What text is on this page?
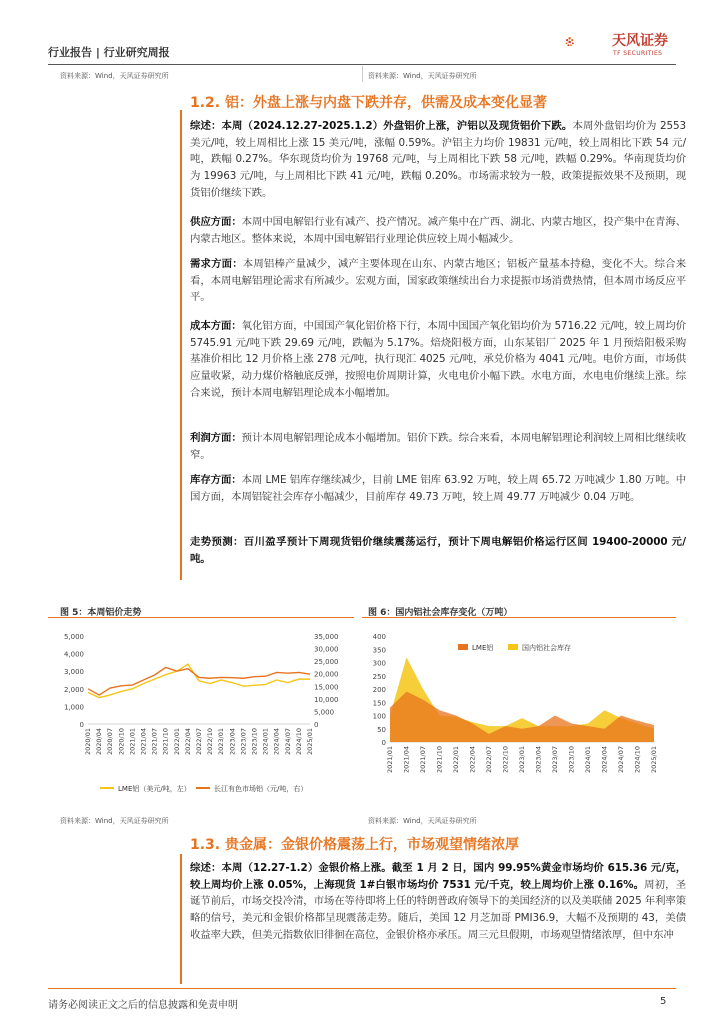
行业报告 | 行业研究周报
天风证券
TF SECURITIES
资料来源：Wind，天风证券研究所	资料来源：Wind，天风证券研究所
1.2. 铝：外盘上涨与内盘下跌并存，供需及成本变化显著
综述：本周（2024.12.27-2025.1.2）外盘铝价上涨，沪铝以及现货铝价下跌。本周外盘铝均价为 2553 美元/吨，较上周相比上涨 15 美元/吨，涨幅 0.59%。沪铝主力均价 19831 元/吨，较上周相比下跌 54 元/吨，跌幅 0.27%。华东现货均价为 19768 元/吨，与上周相比下跌 58 元/吨，跌幅 0.29%。华南现货均价为 19963 元/吨，与上周相比下跌 41 元/吨，跌幅 0.20%。市场需求较为一般，政策提振效果不及预期，现货铝价继续下跌。
供应方面：本周中国电解铝行业有减产、投产情况。减产集中在广西、湖北、内蒙古地区，投产集中在青海、内蒙古地区。整体来说，本周中国电解铝行业理论供应较上周小幅减少。
需求方面：本周铝棒产量减少，减产主要体现在山东、内蒙古地区；铝板产量基本持稳，变化不大。综合来看，本周电解铝理论需求有所减少。宏观方面，国家政策继续出台力求提振市场消费热情，但本周市场反应平平。
成本方面：氧化铝方面，中国国产氧化铝价格下行，本周中国国产氧化铝均价为 5716.22 元/吨，较上周均价 5745.91 元/吨下跌 29.69 元/吨，跌幅为 5.17%。焙烧阳极方面，山东某铝厂 2025 年 1 月预焙阳极采购基准价相比 12 月价格上涨 278 元/吨，执行现汇 4025 元/吨，承兑价格为 4041 元/吨。电价方面，市场供应量收紧，动力煤价格触底反弹，按照电价周期计算，火电电价小幅下跌。水电方面，水电电价继续上涨。综合来说，预计本周电解铝理论成本小幅增加。
利润方面：预计本周电解铝理论成本小幅增加。铝价下跌。综合来看，本周电解铝理论利润较上周相比继续收窄。
库存方面：本周 LME 铝库存继续减少，目前 LME 铝库 63.92 万吨，较上周 65.72 万吨减少 1.80 万吨。中国方面，本周铝锭社会库存小幅减少，目前库存 49.73 万吨，较上周 49.77 万吨减少 0.04 万吨。
走势预测：百川盈孚预计下周现货铝价继续震荡运行，预计下周电解铝价格运行区间 19400-20000 元/吨。
图 5：本周铝价走势
5,000
4,000
3,000
2,000
1,000
0
35,000
30,000
25,000
20,000
15,000
10,000
5,000
0
2020/01 2020/04 2020/07 2020/10 2021/01 2021/04 2021/07 2021/10 2022/01 2022/04 2022/07 2022/10 2023/01 2023/04 2023/07 2023/10 2024/01 2024/04 2024/07 2024/10 2025/01
LME铝（美元/吨，左）	长江有色市场铝（元/吨，右）
资料来源：Wind，天风证券研究所
图 6：国内铝社会库存变化（万吨）
400
350
300
250
200
150
100
50
0
2021/01 2021/04 2021/07 2021/10 2022/01 2022/04 2022/07 2022/10 2023/01 2023/04 2023/07 2023/10 2024/01 2024/04 2024/07 2024/10 2025/01
LME铝	国内铝社会库存
资料来源：Wind，天风证券研究所
1.3. 贵金属：金银价格震荡上行，市场观望情绪浓厚
综述：本周（12.27-1.2）金银价格上涨。截至 1 月 2 日，国内 99.95%黄金市场均价 615.36 元/克，较上周均价上涨 0.05%，上海现货 1#白银市场均价 7531 元/千克，较上周均价上涨 0.16%。周初，圣诞节前后，市场交投冷清，市场在等待即将上任的特朗普政府领导下的美国经济的以及美联储 2025 年利率策略的信号，美元和金银价格都呈现震荡走势。随后，美国 12 月芝加哥 PMI36.9，大幅不及预期的 43，美债收益率大跌，但美元指数依旧徘徊在高位，金银价格亦承压。周三元旦假期，市场观望情绪浓厚，但中东冲
请务必阅读正文之后的信息披露和免责申明	5
